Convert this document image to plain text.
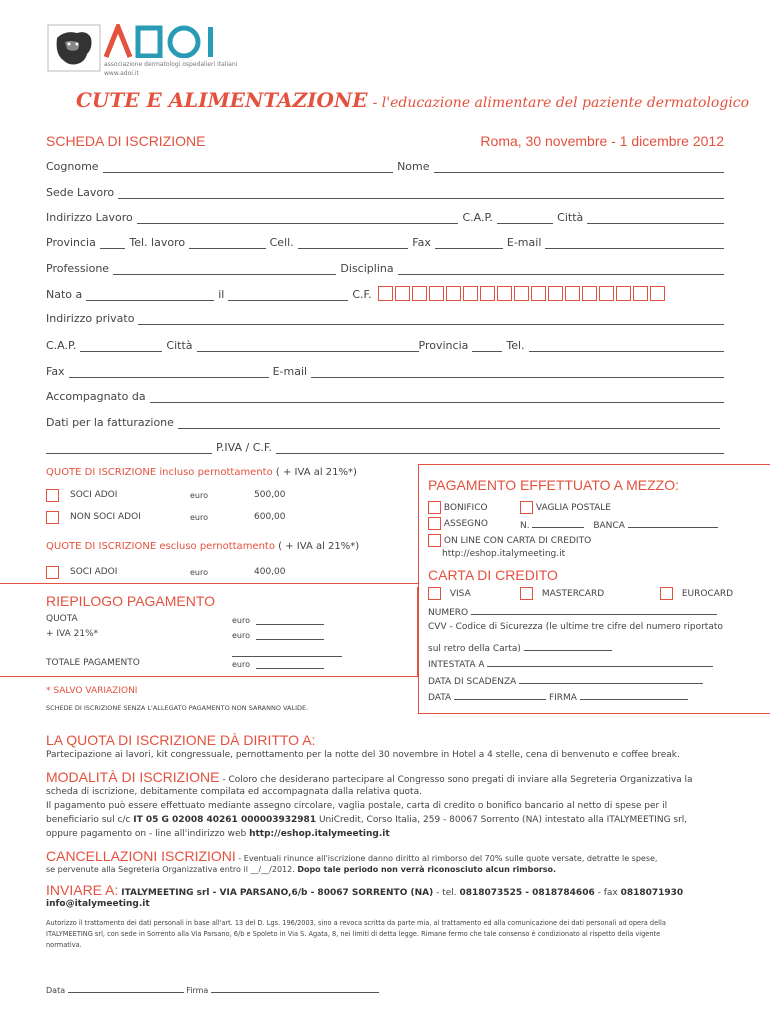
associazione dermatologi ospedalieri italiani
www.adoi.it
CUTE E ALIMENTAZIONE - l'educazione alimentare del paziente dermatologico
SCHEDA DI ISCRIZIONE	Roma, 30 novembre - 1 dicembre 2012
Cognome	Nome
Sede Lavoro
Indirizzo Lavoro	C.A.P.	Città
Provincia	Tel. lavoro	Cell.	Fax	E-mail
Professione	Disciplina
Nato a	il	C.F.
Indirizzo privato
C.A.P.	Città	Provincia	Tel.
Fax	E-mail
Accompagnato da
Dati per la fatturazione
P.IVA / C.F.
QUOTE DI ISCRIZIONE incluso pernottamento ( + IVA al 21%*)
SOCI ADOI	euro	500,00
NON SOCI ADOI	euro	600,00
QUOTE DI ISCRIZIONE escluso pernottamento ( + IVA al 21%*)
SOCI ADOI	euro	400,00
RIEPILOGO PAGAMENTO
QUOTA	euro
+ IVA 21%*	euro
TOTALE PAGAMENTO	euro
* SALVO VARIAZIONI
SCHEDE DI ISCRIZIONE SENZA L'ALLEGATO PAGAMENTO NON SARANNO VALIDE.
PAGAMENTO EFFETTUATO A MEZZO:
BONIFICO	VAGLIA POSTALE
ASSEGNO	N.	BANCA
ON LINE CON CARTA DI CREDITO
http://eshop.italymeeting.it
CARTA DI CREDITO
VISA	MASTERCARD	EUROCARD
NUMERO
CVV - Codice di Sicurezza (le ultime tre cifre del numero riportato
sul retro della Carta)
INTESTATA A
DATA DI SCADENZA
DATA	FIRMA
LA QUOTA DI ISCRIZIONE DÀ DIRITTO A:
Partecipazione ai lavori, kit congressuale, pernottamento per la notte del 30 novembre in Hotel a 4 stelle, cena di benvenuto e coffee break.
MODALITÀ DI ISCRIZIONE - Coloro che desiderano partecipare al Congresso sono pregati di inviare alla Segreteria Organizzativa la
scheda di iscrizione, debitamente compilata ed accompagnata dalla relativa quota.
Il pagamento può essere effettuato mediante assegno circolare, vaglia postale, carta di credito o bonifico bancario al netto di spese per il
beneficiario sul c/c IT 05 G 02008 40261 000003932981 UniCredit, Corso Italia, 259 - 80067 Sorrento (NA) intestato alla ITALYMEETING srl,
oppure pagamento on - line all'indirizzo web http://eshop.italymeeting.it
CANCELLAZIONI ISCRIZIONI - Eventuali rinunce all'iscrizione danno diritto al rimborso del 70% sulle quote versate, detratte le spese,
se pervenute alla Segreteria Organizzativa entro il __/__/2012. Dopo tale periodo non verrà riconosciuto alcun rimborso.
INVIARE A: ITALYMEETING srl - VIA PARSANO,6/b - 80067 SORRENTO (NA) - tel. 0818073525 - 0818784606 - fax 0818071930
info@italymeeting.it
Autorizzo il trattamento dei dati personali in base all'art. 13 del D. Lgs. 196/2003, sino a revoca scritta da parte mia, al trattamento ed alla comunicazione dei dati personali ad opera della
ITALYMEETING srl, con sede in Sorrento alla Via Parsano, 6/b e Spoleto in Via S. Agata, 8, nei limiti di detta legge. Rimane fermo che tale consenso è condizionato al rispetto della vigente
normativa.
Data	Firma
